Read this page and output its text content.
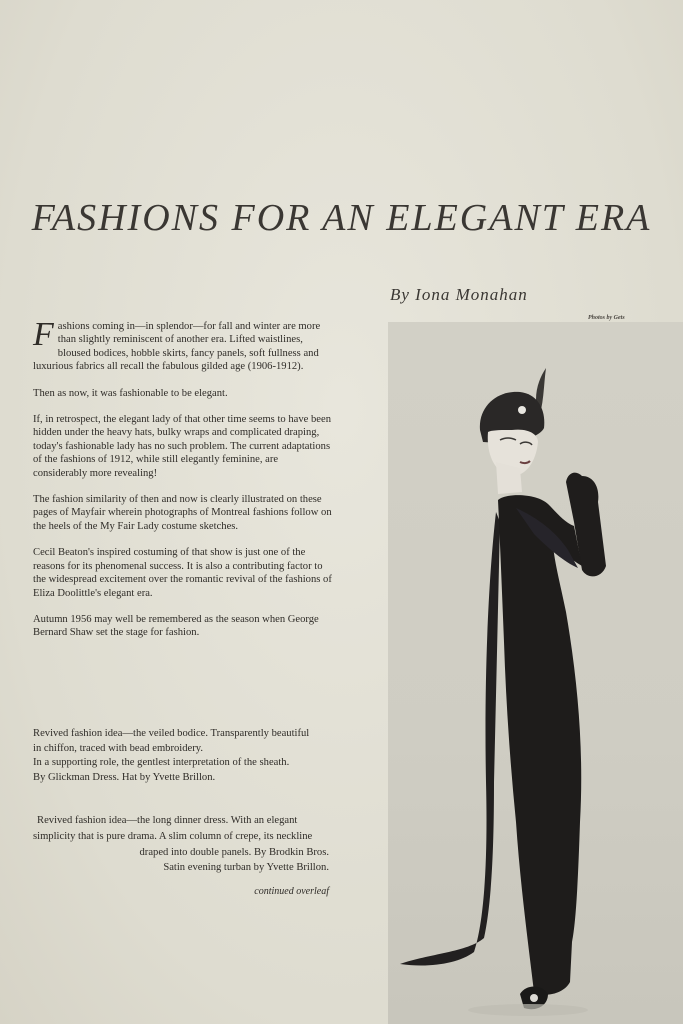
FASHIONS FOR AN ELEGANT ERA
By Iona Monahan
Photos by Gets

Fashions coming in—in splendor—for fall and winter are more than slightly reminiscent of another era. Lifted waistlines, bloused bodices, hobble skirts, fancy panels, soft fullness and luxurious fabrics all recall the fabulous gilded age (1906-1912).

Then as now, it was fashionable to be elegant.

If, in retrospect, the elegant lady of that other time seems to have been hidden under the heavy hats, bulky wraps and complicated draping, today's fashionable lady has no such problem. The current adaptations of the fashions of 1912, while still elegantly feminine, are considerably more revealing!

The fashion similarity of then and now is clearly illustrated on these pages of Mayfair wherein photographs of Montreal fashions follow on the heels of the My Fair Lady costume sketches.

Cecil Beaton's inspired costuming of that show is just one of the reasons for its phenomenal success. It is also a contributing factor to the widespread excitement over the romantic revival of the fashions of Eliza Doolittle's elegant era.

Autumn 1956 may well be remembered as the season when George Bernard Shaw set the stage for fashion.

Revived fashion idea—the veiled bodice. Transparently beautiful
in chiffon, traced with bead embroidery.
In a supporting role, the gentlest interpretation of the sheath.
By Glickman Dress. Hat by Yvette Brillon.
Revived fashion idea—the long dinner dress. With an elegant
simplicity that is pure drama. A slim column of crepe, its neckline
draped into double panels. By Brodkin Bros.
Satin evening turban by Yvette Brillon.
continued overleaf
